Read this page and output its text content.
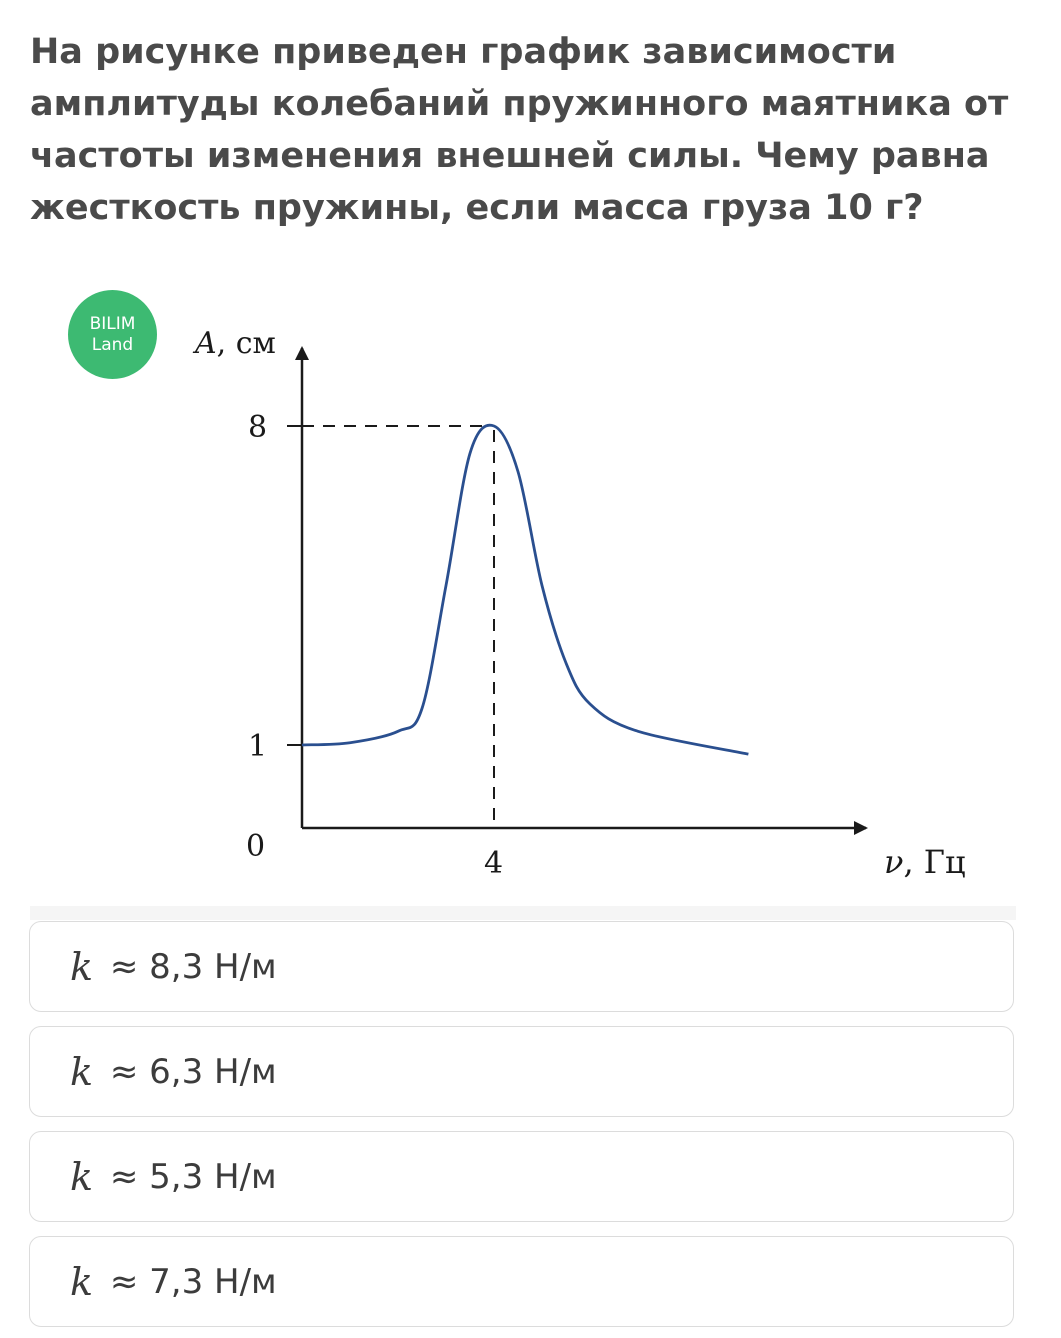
На рисунке приведен график зависимости амплитуды колебаний пружинного маятника от частоты изменения внешней силы. Чему равна жесткость пружины, если масса груза 10 г?

BILIM
Land A, см
8
1
0	4	ν, Гц
k ≈ 8,3 Н/м
k ≈ 6,3 Н/м
k ≈ 5,3 Н/м
k ≈ 7,3 Н/м
